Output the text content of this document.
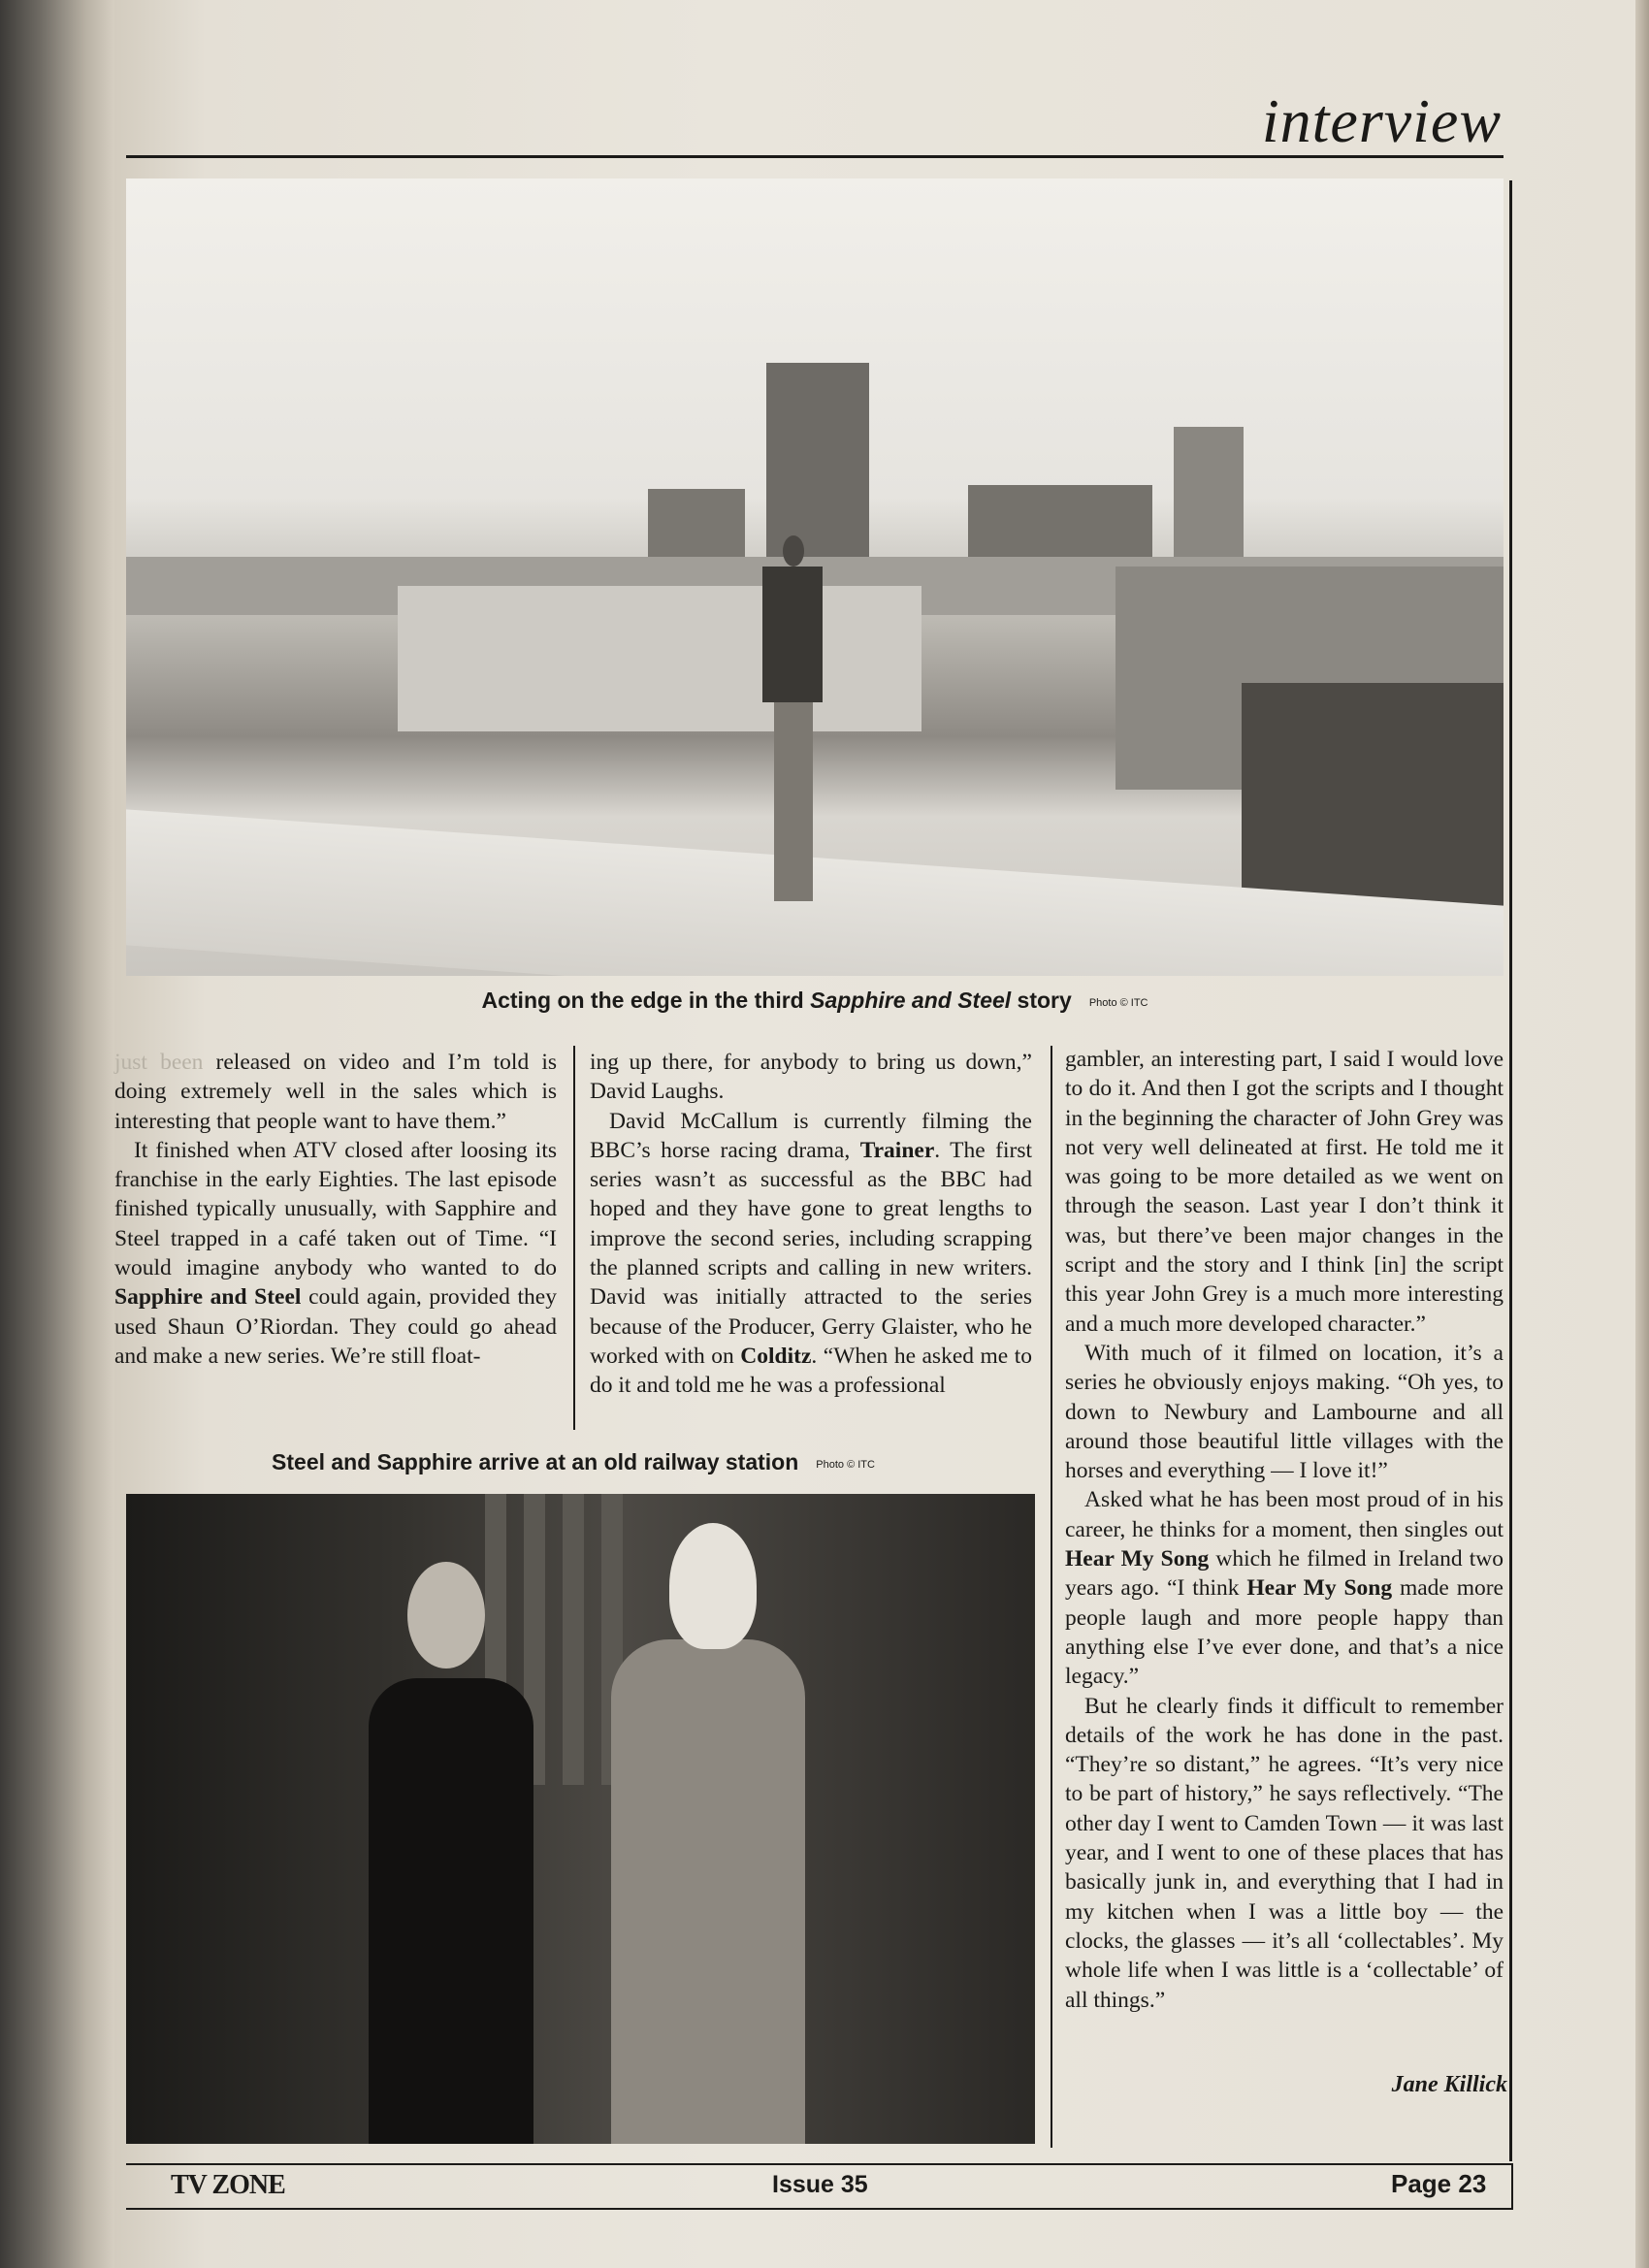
interview
Acting on the edge in the third Sapphire and Steel story Photo © ITC

just been released on video and I’m told is doing extremely well in the sales which is interesting that people want to have them.”

It finished when ATV closed after loosing its franchise in the early Eighties. The last episode finished typically unusually, with Sapphire and Steel trapped in a café taken out of Time. “I would imagine anybody who wanted to do Sapphire and Steel could again, provided they used Shaun O’Riordan. They could go ahead and make a new series. We’re still float-

ing up there, for anybody to bring us down,” David Laughs.

David McCallum is currently filming the BBC’s horse racing drama, Trainer. The first series wasn’t as successful as the BBC had hoped and they have gone to great lengths to improve the second series, including scrapping the planned scripts and calling in new writers. David was initially attracted to the series because of the Producer, Gerry Glaister, who he worked with on Colditz. “When he asked me to do it and told me he was a professional

gambler, an interesting part, I said I would love to do it. And then I got the scripts and I thought in the beginning the character of John Grey was not very well delineated at first. He told me it was going to be more detailed as we went on through the season. Last year I don’t think it was, but there’ve been major changes in the script and the story and I think [in] the script this year John Grey is a much more interesting and a much more developed character.”

With much of it filmed on location, it’s a series he obviously enjoys making. “Oh yes, to down to Newbury and Lambourne and all around those beautiful little villages with the horses and everything — I love it!”

Asked what he has been most proud of in his career, he thinks for a moment, then singles out Hear My Song which he filmed in Ireland two years ago. “I think Hear My Song made more people laugh and more people happy than anything else I’ve ever done, and that’s a nice legacy.”

But he clearly finds it difficult to remember details of the work he has done in the past. “They’re so distant,” he agrees. “It’s very nice to be part of history,” he says reflectively. “The other day I went to Camden Town — it was last year, and I went to one of these places that has basically junk in, and everything that I had in my kitchen when I was a little boy — the clocks, the glasses — it’s all ‘collectables’. My whole life when I was little is a ‘collectable’ of all things.”

Jane Killick
Steel and Sapphire arrive at an old railway station Photo © ITC
TV ZONE	Issue 35	Page 23
